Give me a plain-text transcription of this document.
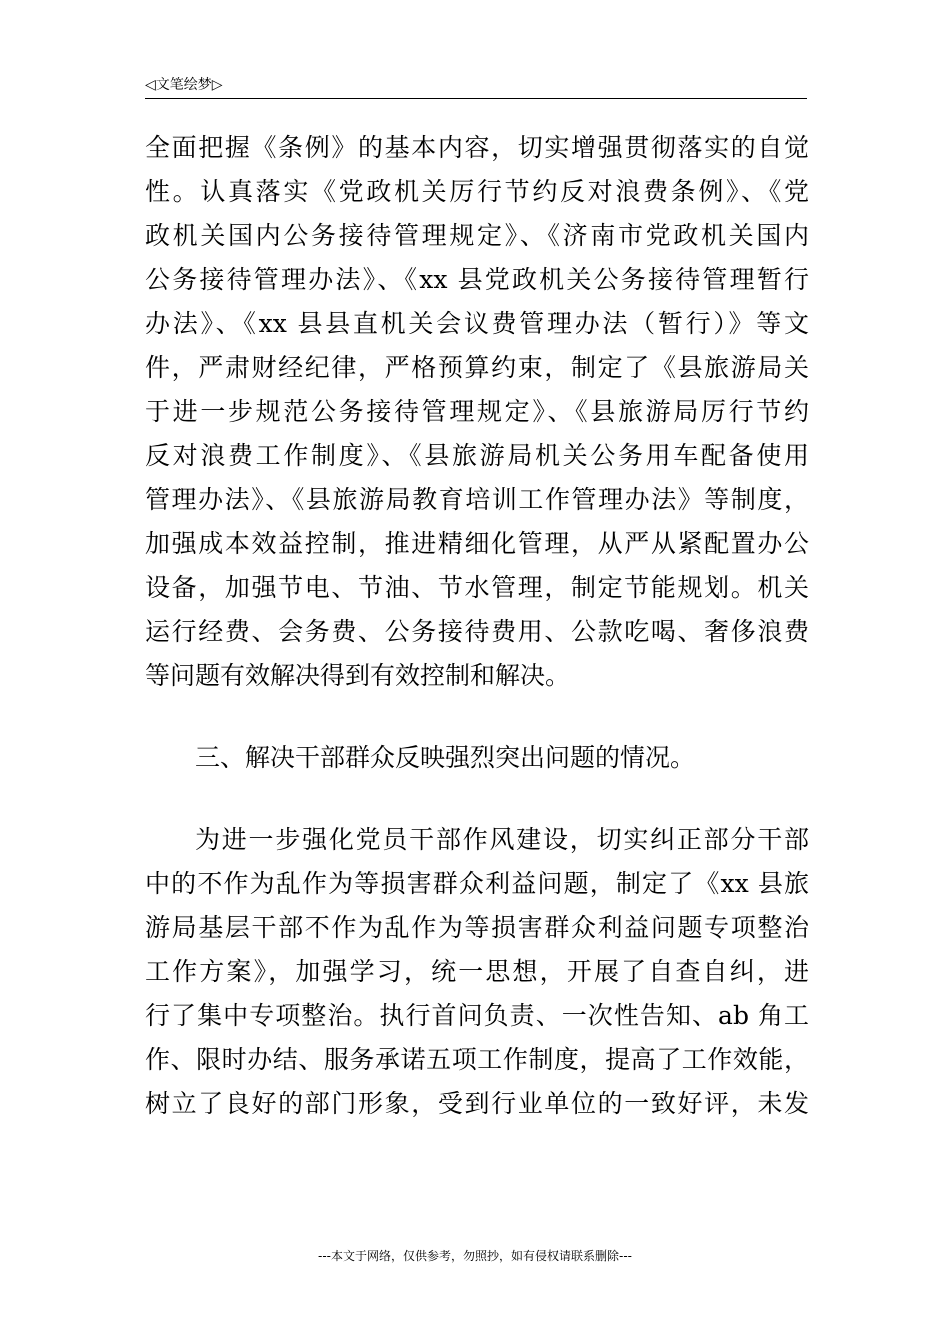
◁文笔绘梦▷
全面把握《条例》的基本内容，切实增强贯彻落实的自觉
性。认真落实《党政机关厉行节约反对浪费条例》、《党
政机关国内公务接待管理规定》、《济南市党政机关国内
公务接待管理办法》、《xx 县党政机关公务接待管理暂行
办法》、《xx 县县直机关会议费管理办法（暂行）》等文
件，严肃财经纪律，严格预算约束，制定了《县旅游局关
于进一步规范公务接待管理规定》、《县旅游局厉行节约
反对浪费工作制度》、《县旅游局机关公务用车配备使用
管理办法》、《县旅游局教育培训工作管理办法》等制度，
加强成本效益控制，推进精细化管理，从严从紧配置办公
设备，加强节电、节油、节水管理，制定节能规划。机关
运行经费、会务费、公务接待费用、公款吃喝、奢侈浪费
等问题有效解决得到有效控制和解决。
三、解决干部群众反映强烈突出问题的情况。
为进一步强化党员干部作风建设，切实纠正部分干部
中的不作为乱作为等损害群众利益问题，制定了《xx 县旅
游局基层干部不作为乱作为等损害群众利益问题专项整治
工作方案》，加强学习，统一思想，开展了自查自纠，进
行了集中专项整治。执行首问负责、一次性告知、ab 角工
作、限时办结、服务承诺五项工作制度，提高了工作效能，
树立了良好的部门形象，受到行业单位的一致好评，未发
---本文于网络，仅供参考，勿照抄，如有侵权请联系删除---
